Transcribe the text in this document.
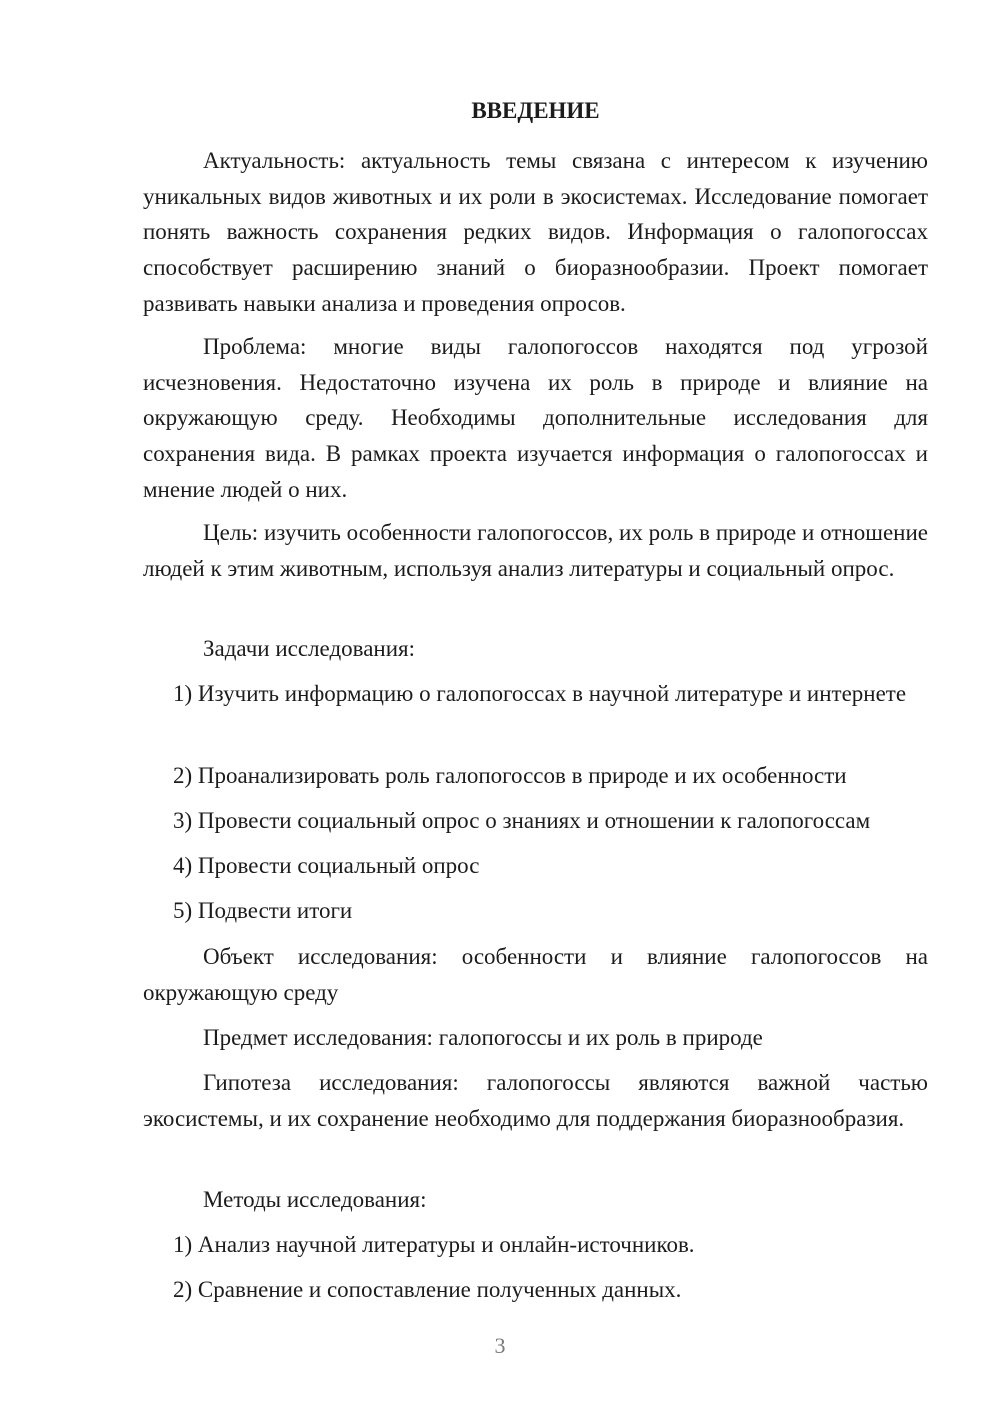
ВВЕДЕНИЕ

Актуальность: актуальность темы связана с интересом к изучению уникальных видов животных и их роли в экосистемах. Исследование помогает понять важность сохранения редких видов. Информация о галопогоссах способствует расширению знаний о биоразнообразии. Проект помогает развивать навыки анализа и проведения опросов.

Проблема: многие виды галопогоссов находятся под угрозой исчезновения. Недостаточно изучена их роль в природе и влияние на окружающую среду. Необходимы дополнительные исследования для сохранения вида. В рамках проекта изучается информация о галопогоссах и мнение людей о них.

Цель: изучить особенности галопогоссов, их роль в природе и отношение людей к этим животным, используя анализ литературы и социальный опрос.

Задачи исследования:

1) Изучить информацию о галопогоссах в научной литературе и интернете

2) Проанализировать роль галопогоссов в природе и их особенности

3) Провести социальный опрос о знаниях и отношении к галопогоссам

4) Провести социальный опрос

5) Подвести итоги

Объект исследования: особенности и влияние галопогоссов на окружающую среду

Предмет исследования: галопогоссы и их роль в природе

Гипотеза исследования: галопогоссы являются важной частью экосистемы, и их сохранение необходимо для поддержания биоразнообразия.

Методы исследования:

1) Анализ научной литературы и онлайн-источников.

2) Сравнение и сопоставление полученных данных.

3
